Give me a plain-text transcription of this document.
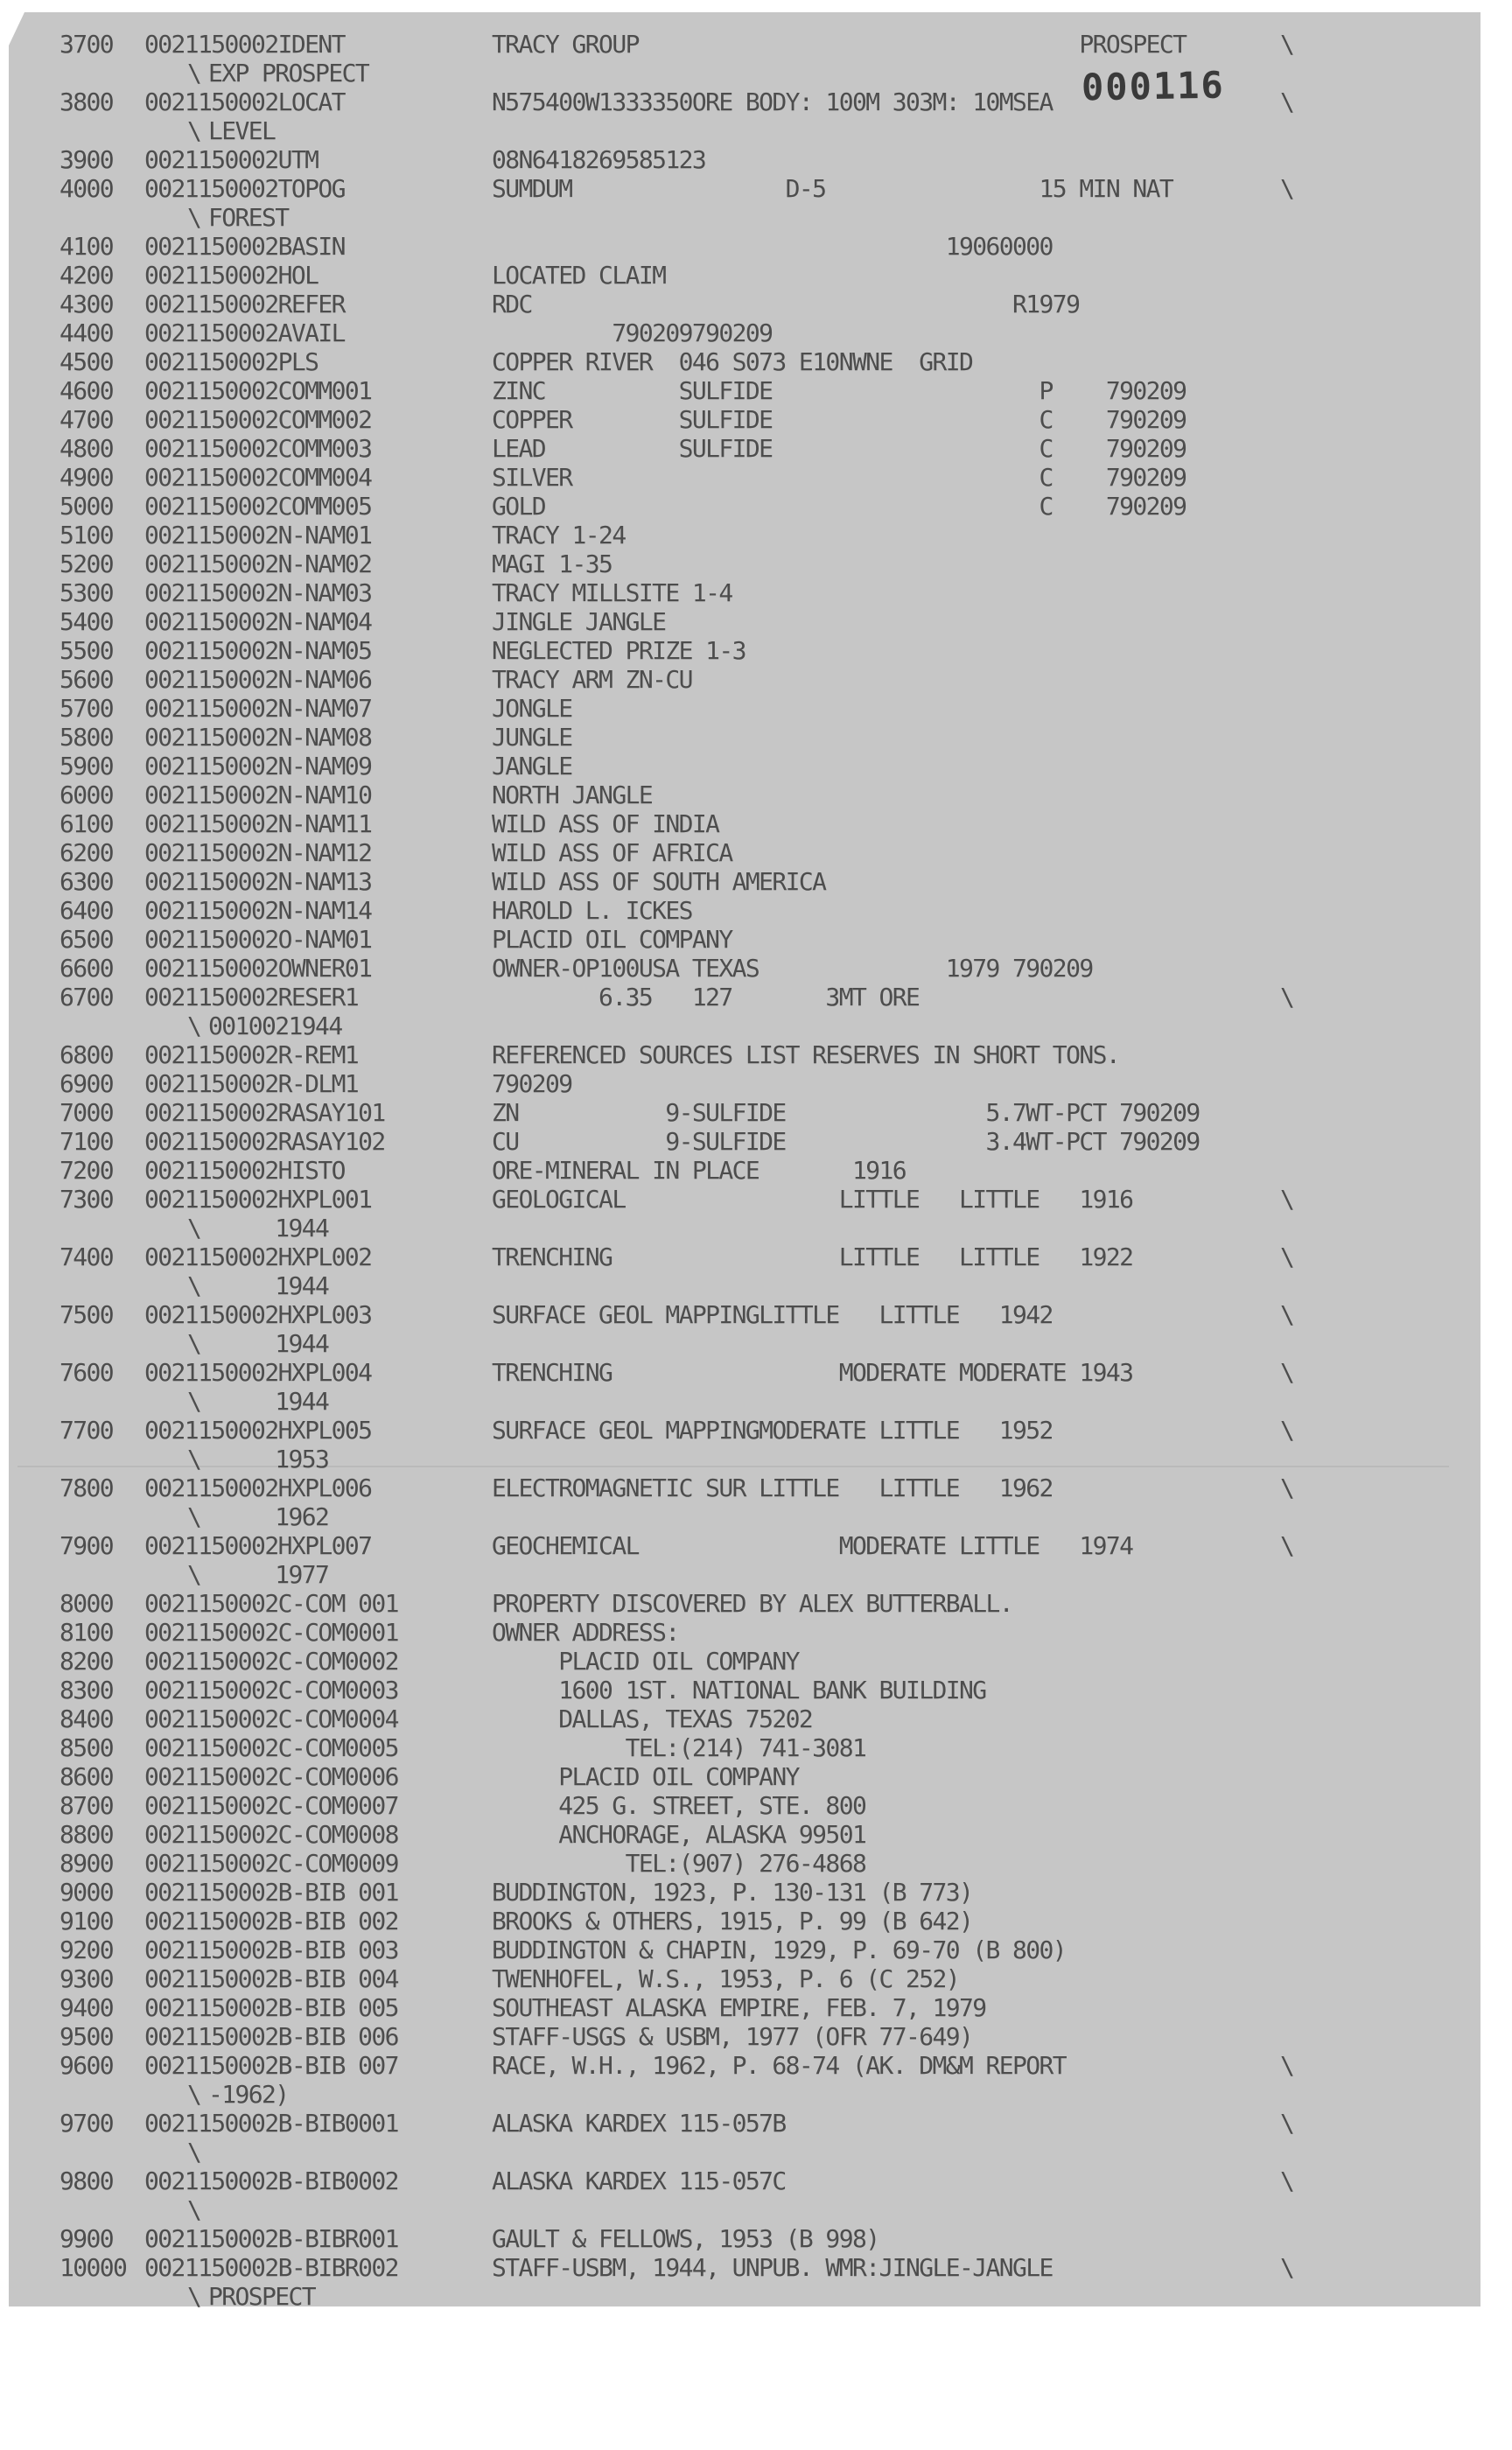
000116
3700 0021150002IDENT	TRACY GROUP                                 PROSPECT	\
\ EXP PROSPECT
3800 0021150002LOCAT	N575400W1333350ORE BODY: 100M 303M: 10MSEA	\
\ LEVEL
3900 0021150002UTM	08N6418269585123
4000 0021150002TOPOG	SUMDUM                D-5                15 MIN NAT	\
\ FOREST
4100 0021150002BASIN	19060000
4200 0021150002HOL	LOCATED CLAIM
4300 0021150002REFER	RDC                                    R1979
4400 0021150002AVAIL	790209790209
4500 0021150002PLS	COPPER RIVER  046 S073 E10NWNE  GRID
4600 0021150002COMM001	ZINC          SULFIDE                    P    790209
4700 0021150002COMM002	COPPER        SULFIDE                    C    790209
4800 0021150002COMM003	LEAD          SULFIDE                    C    790209
4900 0021150002COMM004	SILVER                                   C    790209
5000 0021150002COMM005	GOLD                                     C    790209
5100 0021150002N-NAM01	TRACY 1-24
5200 0021150002N-NAM02	MAGI 1-35
5300 0021150002N-NAM03	TRACY MILLSITE 1-4
5400 0021150002N-NAM04	JINGLE JANGLE
5500 0021150002N-NAM05	NEGLECTED PRIZE 1-3
5600 0021150002N-NAM06	TRACY ARM ZN-CU
5700 0021150002N-NAM07	JONGLE
5800 0021150002N-NAM08	JUNGLE
5900 0021150002N-NAM09	JANGLE
6000 0021150002N-NAM10	NORTH JANGLE
6100 0021150002N-NAM11	WILD ASS OF INDIA
6200 0021150002N-NAM12	WILD ASS OF AFRICA
6300 0021150002N-NAM13	WILD ASS OF SOUTH AMERICA
6400 0021150002N-NAM14	HAROLD L. ICKES
6500 0021150002O-NAM01	PLACID OIL COMPANY
6600 0021150002OWNER01	OWNER-OP100USA TEXAS              1979 790209
6700 0021150002RESER1	6.35   127       3MT ORE	\
\ 0010021944
6800 0021150002R-REM1	REFERENCED SOURCES LIST RESERVES IN SHORT TONS.
6900 0021150002R-DLM1	790209
7000 0021150002RASAY101	ZN           9-SULFIDE               5.7WT-PCT 790209
7100 0021150002RASAY102	CU           9-SULFIDE               3.4WT-PCT 790209
7200 0021150002HISTO	ORE-MINERAL IN PLACE       1916
7300 0021150002HXPL001	GEOLOGICAL                LITTLE   LITTLE   1916	\
\ 1944
7400 0021150002HXPL002	TRENCHING                 LITTLE   LITTLE   1922	\
\ 1944
7500 0021150002HXPL003	SURFACE GEOL MAPPINGLITTLE   LITTLE   1942	\
\ 1944
7600 0021150002HXPL004	TRENCHING                 MODERATE MODERATE 1943	\
\ 1944
7700 0021150002HXPL005	SURFACE GEOL MAPPINGMODERATE LITTLE   1952	\
\ 1953
7800 0021150002HXPL006	ELECTROMAGNETIC SUR LITTLE   LITTLE   1962	\
\ 1962
7900 0021150002HXPL007	GEOCHEMICAL               MODERATE LITTLE   1974	\
\ 1977
8000 0021150002C-COM 001	PROPERTY DISCOVERED BY ALEX BUTTERBALL.
8100 0021150002C-COM0001	OWNER ADDRESS:
8200 0021150002C-COM0002	PLACID OIL COMPANY
8300 0021150002C-COM0003	1600 1ST. NATIONAL BANK BUILDING
8400 0021150002C-COM0004	DALLAS, TEXAS 75202
8500 0021150002C-COM0005	TEL:(214) 741-3081
8600 0021150002C-COM0006	PLACID OIL COMPANY
8700 0021150002C-COM0007	425 G. STREET, STE. 800
8800 0021150002C-COM0008	ANCHORAGE, ALASKA 99501
8900 0021150002C-COM0009	TEL:(907) 276-4868
9000 0021150002B-BIB 001	BUDDINGTON, 1923, P. 130-131 (B 773)
9100 0021150002B-BIB 002	BROOKS & OTHERS, 1915, P. 99 (B 642)
9200 0021150002B-BIB 003	BUDDINGTON & CHAPIN, 1929, P. 69-70 (B 800)
9300 0021150002B-BIB 004	TWENHOFEL, W.S., 1953, P. 6 (C 252)
9400 0021150002B-BIB 005	SOUTHEAST ALASKA EMPIRE, FEB. 7, 1979
9500 0021150002B-BIB 006	STAFF-USGS & USBM, 1977 (OFR 77-649)
9600 0021150002B-BIB 007	RACE, W.H., 1962, P. 68-74 (AK. DM&M REPORT	\
\ -1962)
9700 0021150002B-BIB0001	ALASKA KARDEX 115-057B	\
\
9800 0021150002B-BIB0002	ALASKA KARDEX 115-057C	\
\
9900 0021150002B-BIBR001	GAULT & FELLOWS, 1953 (B 998)
10000 0021150002B-BIBR002	STAFF-USBM, 1944, UNPUB. WMR:JINGLE-JANGLE	\
\ PROSPECT
